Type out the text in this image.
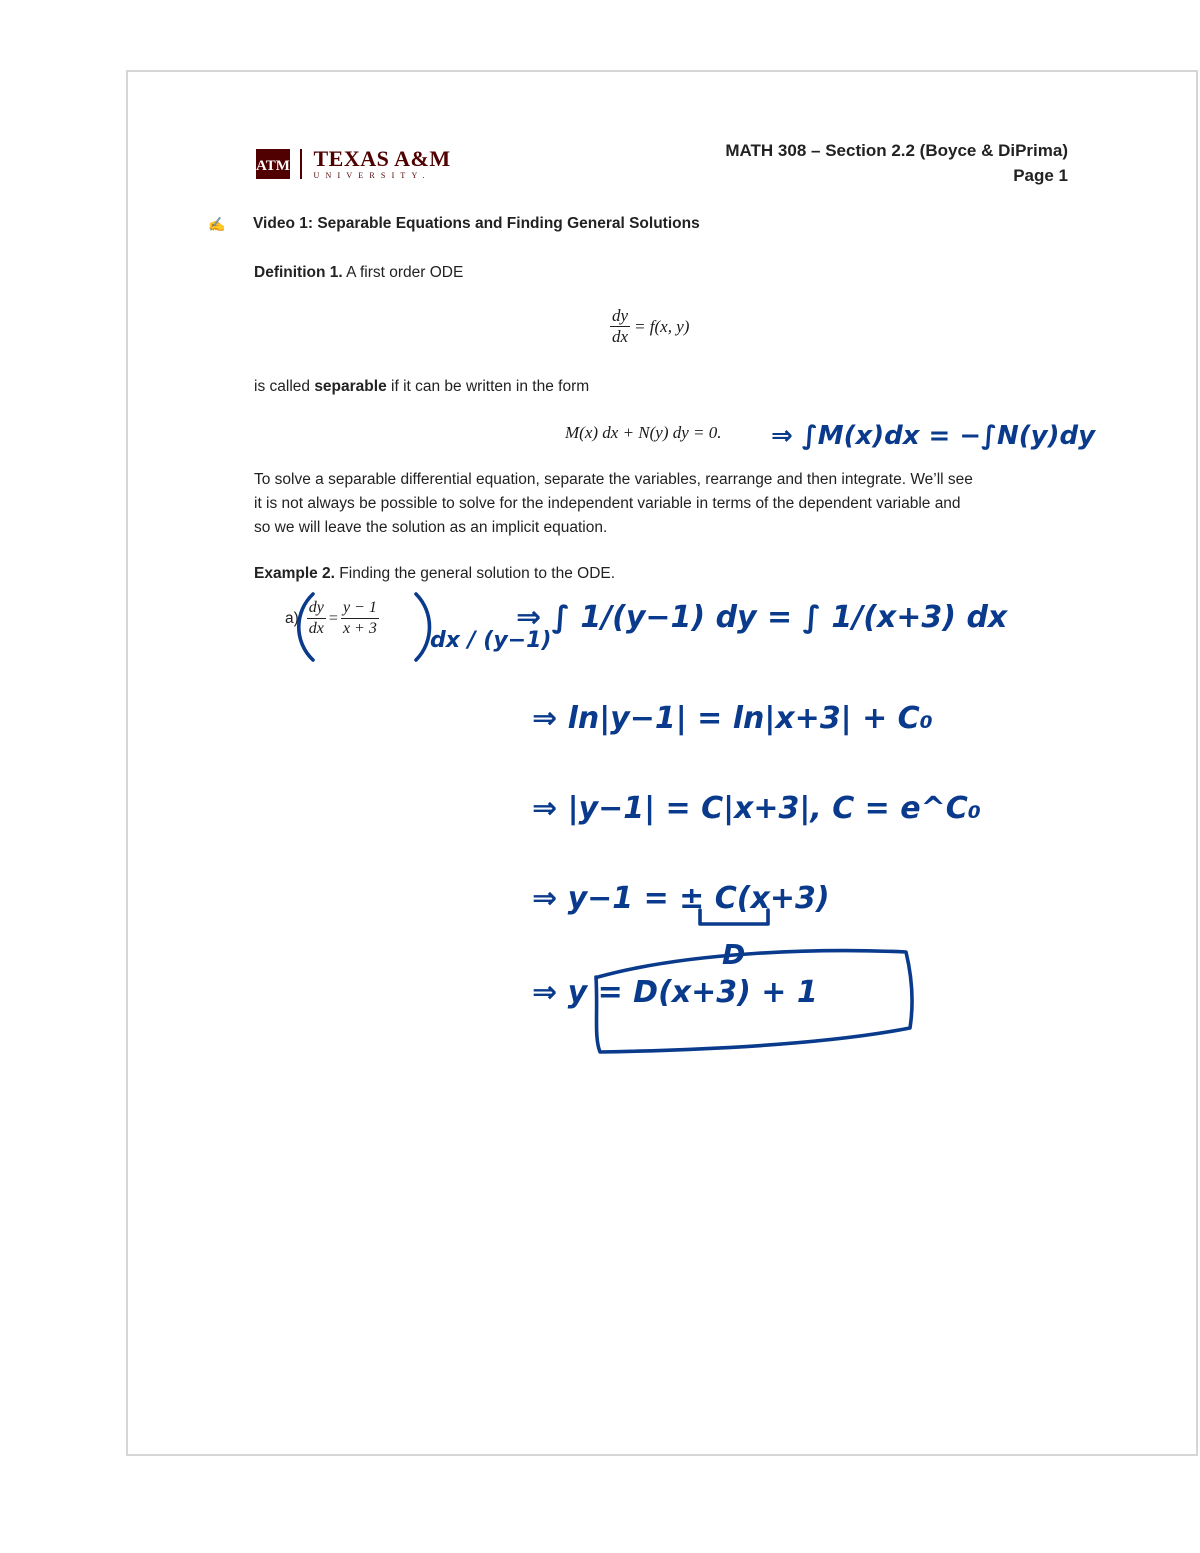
ATM TEXAS A&M
UNIVERSITY.
MATH 308 – Section 2.2 (Boyce & DiPrima)
Page 1
✍	Video 1: Separable Equations and Finding General Solutions
Definition 1. A first order ODE
$\frac{dy}{dx} = f(x$, y)
is called separable if it can be written in the form
M(x) dx + N(y) dy = 0.
To solve a separable differential equation, separate the variables, rearrange and then integrate. We’ll see
it is not always be possible to solve for the independent variable in terms of the dependent variable and
so we will leave the solution as an implicit equation.
Example 2. Finding the general solution to the ODE.
$a) \frac{dy}{dx} = \frac{y - 1}{x + 3}$
⇒ ∫M(x)dx = −∫N(y)dy
dx / (y−1)
⇒ ∫ 1/(y−1) dy = ∫ 1/(x+3) dx
⇒ ln|y−1| = ln|x+3| + C₀
⇒ |y−1| = C|x+3|, C = e^C₀
⇒ y−1 = ± C(x+3)
D
⇒ y = D(x+3) + 1
